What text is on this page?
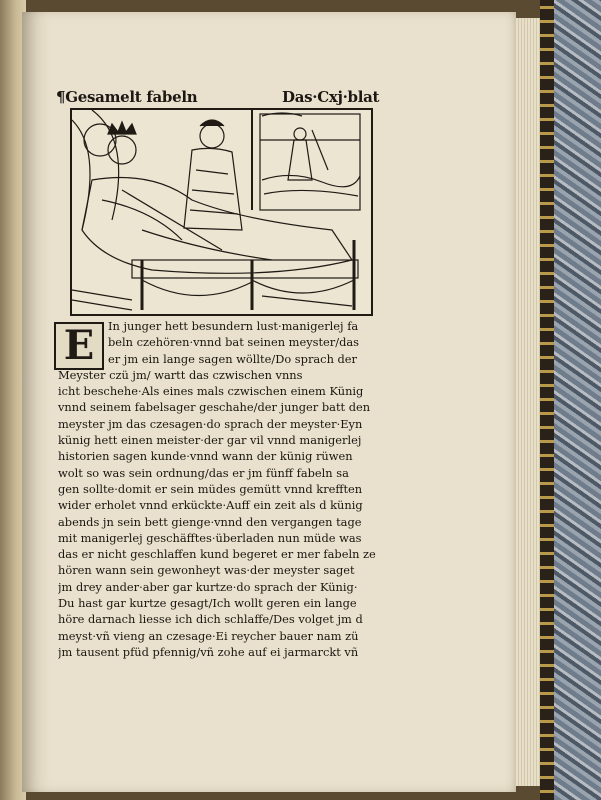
¶Gesamelt fabeln	Das·Cxj·blat
E	In junger hett besundern lust·manigerlej fa
beln czehören·vnnd bat seinen meyster/das
er jm ein lange sagen wöllte/Do sprach der
Meyster czü jm/ wartt das czwischen vnns
icht beschehe·Als eines mals czwischen einem Künig
vnnd seinem fabelsager geschahe/der junger batt den
meyster jm das czesagen·do sprach der meyster·Eyn
künig hett einen meister·der gar vil vnnd manigerlej
historien sagen kunde·vnnd wann der künig rüwen
wolt so was sein ordnung/das er jm fünff fabeln sa
gen sollte·domit er sein müdes gemütt vnnd krefften
wider erholet vnnd erkückte·Auff ein zeit als d künig
abends jn sein bett gienge·vnnd den vergangen tage
mit manigerlej geschäfftes·überladen nun müde was
das er nicht geschlaffen kund begeret er mer fabeln ze
hören wann sein gewonheyt was·der meyster saget
jm drey ander·aber gar kurtze·do sprach der Künig·
Du hast gar kurtze gesagt/Ich wollt geren ein lange
höre darnach liesse ich dich schlaffe/Des volget jm d
meyst·vñ vieng an czesage·Ei reycher bauer nam zü
jm tausent pfüd pfennig/vñ zohe auf ei jarmarckt vñ
